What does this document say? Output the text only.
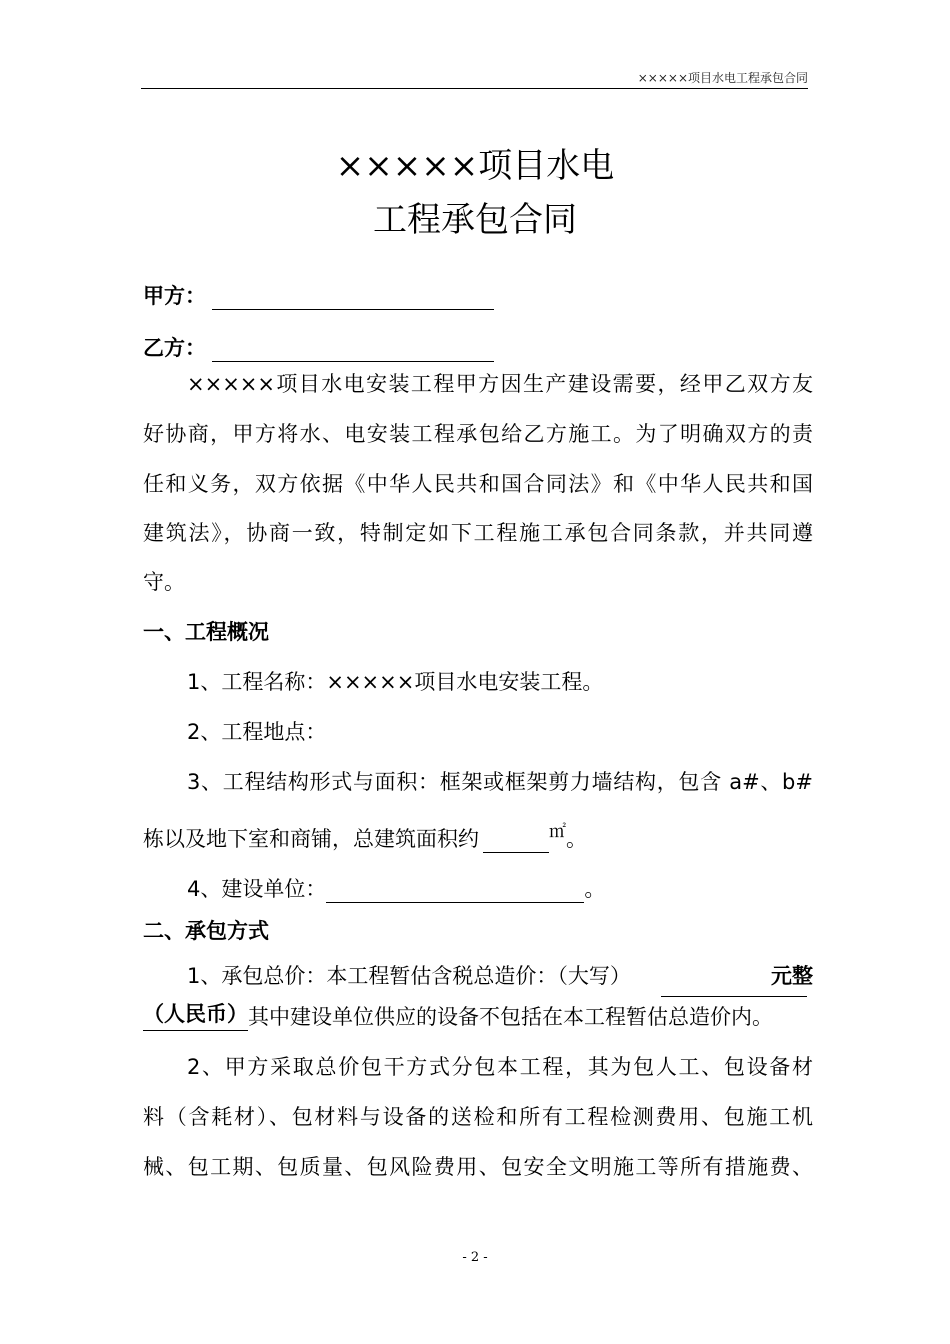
×××××项目水电工程承包合同
×××××项目水电
工程承包合同
甲方：
乙方：
×××××项目水电安装工程甲方因生产建设需要，经甲乙双方友
好协商，甲方将水、电安装工程承包给乙方施工。为了明确双方的责
任和义务，双方依据《中华人民共和国合同法》和《中华人民共和国
建筑法》，协商一致，特制定如下工程施工承包合同条款，并共同遵
守。
一、工程概况
1、工程名称：×××××项目水电安装工程。
2、工程地点：
3、工程结构形式与面积：框架或框架剪力墙结构，包含 a#、b#
栋以及地下室和商铺，总建筑面积约	㎡。
4、建设单位：	。
二、承包方式
1、承包总价：本工程暂估含税总造价：（大写）	元整
（人民币）其中建设单位供应的设备不包括在本工程暂估总造价内。
2、甲方采取总价包干方式分包本工程，其为包人工、包设备材
料（含耗材）、包材料与设备的送检和所有工程检测费用、包施工机
械、包工期、包质量、包风险费用、包安全文明施工等所有措施费、
- 2 -
